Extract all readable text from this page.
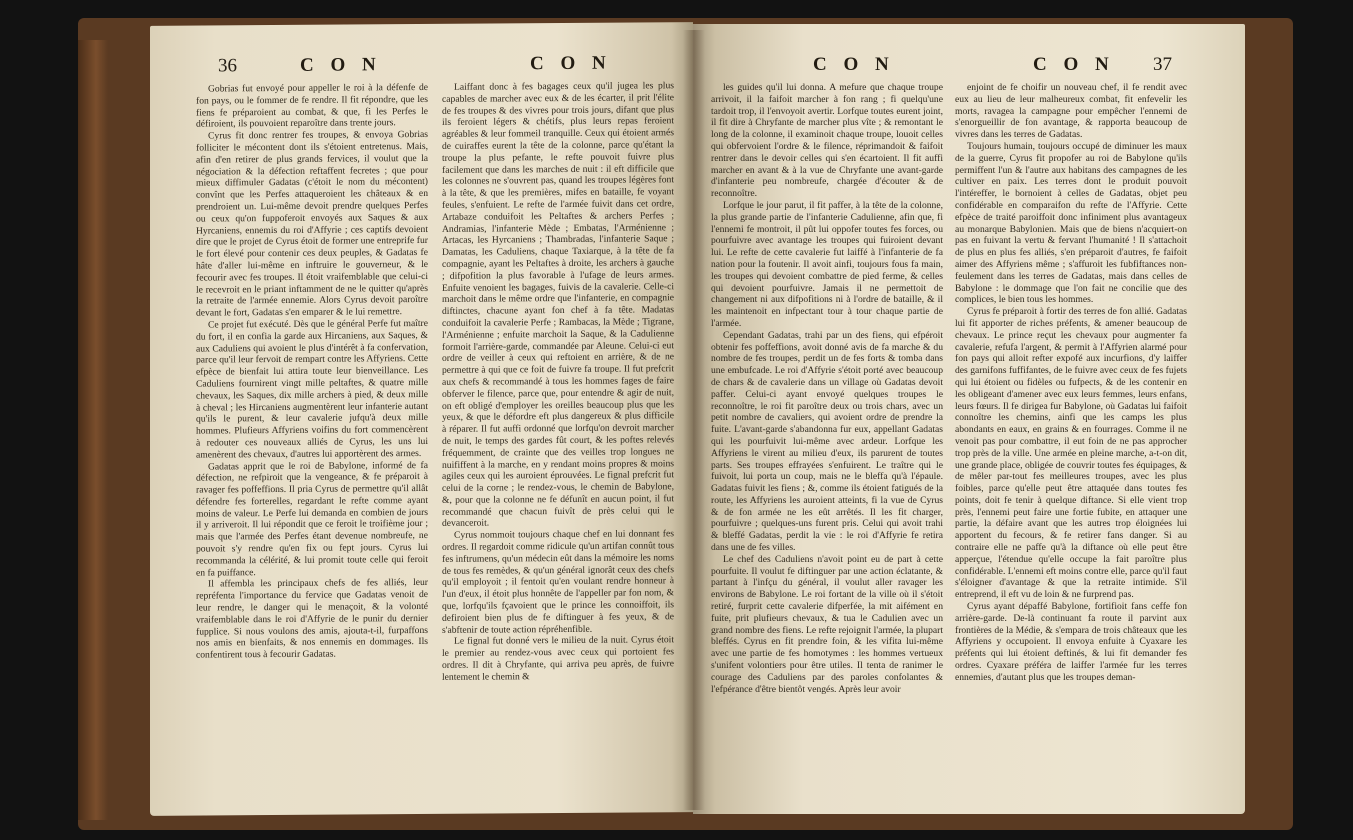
36	C O N	C O N

Gobrias fut envoyé pour appeller le roi à la défenfe de fon pays, ou le fommer de fe rendre. Il fit répondre, que les fiens fe préparoient au combat, & que, fi les Perfes le défiroient, ils pouvoient reparoître dans trente jours.

Cyrus fit donc rentrer fes troupes, & envoya Gobrias folliciter le mécontent dont ils s'étoient entretenus. Mais, afin d'en retirer de plus grands fervices, il voulut que la négociation & la défection reftaffent fecretes ; que pour mieux diffimuler Gadatas (c'étoit le nom du mécontent) convînt que les Perfes attaqueroient les châteaux & en prendroient un. Lui-même devoit prendre quelques Perfes ou ceux qu'on fuppoferoit envoyés aux Saques & aux Hyrcaniens, ennemis du roi d'Affyrie ; ces captifs devoient dire que le projet de Cyrus étoit de former une entreprife fur le fort élevé pour contenir ces deux peuples, & Gadatas fe hâte d'aller lui-même en inftruire le gouverneur, & le fecourir avec fes troupes. Il étoit vraifemblable que celui-ci le recevroit en le priant inftamment de ne le quitter qu'après la retraite de l'armée ennemie. Alors Cyrus devoit paroître devant le fort, Gadatas s'en emparer & le lui remettre.

Ce projet fut exécuté. Dès que le général Perfe fut maître du fort, il en confia la garde aux Hircaniens, aux Saques, & aux Caduliens qui avoient le plus d'intérêt à fa confervation, parce qu'il leur fervoit de rempart contre les Affyriens. Cette efpèce de bienfait lui attira toute leur bienveillance. Les Caduliens fournirent vingt mille peltaftes, & quatre mille chevaux, les Saques, dix mille archers à pied, & deux mille à cheval ; les Hircaniens augmentèrent leur infanterie autant qu'ils le purent, & leur cavalerie jufqu'à deux mille hommes. Plufieurs Affyriens voifins du fort commencèrent à redouter ces nouveaux alliés de Cyrus, les uns lui amenèrent des chevaux, d'autres lui apportèrent des armes.

Gadatas apprit que le roi de Babylone, informé de fa défection, ne refpiroit que la vengeance, & fe préparoit à ravager fes poffeffions. Il pria Cyrus de permettre qu'il allât défendre fes forterelles, regardant le refte comme ayant moins de valeur. Le Perfe lui demanda en combien de jours il y arriveroit. Il lui répondit que ce feroit le troifième jour ; mais que l'armée des Perfes étant devenue nombreufe, ne pouvoit s'y rendre qu'en fix ou fept jours. Cyrus lui recommanda la célérité, & lui promit toute celle qui feroit en fa puiffance.

Il affembla les principaux chefs de fes alliés, leur repréfenta l'importance du fervice que Gadatas venoit de leur rendre, le danger qui le menaçoit, & la volonté vraifemblable dans le roi d'Affyrie de le punir du dernier fupplice. Si nous voulons des amis, ajouta-t-il, furpaffons nos amis en bienfaits, & nos ennemis en dommages. Ils confentirent tous à fecourir Gadatas.

Laiffant donc à fes bagages ceux qu'il jugea les plus capables de marcher avec eux & de les écarter, il prit l'élite de fes troupes & des vivres pour trois jours, difant que plus ils feroient légers & chétifs, plus leurs repas feroient agréables & leur fommeil tranquille. Ceux qui étoient armés de cuiraffes eurent la tête de la colonne, parce qu'étant la troupe la plus pefante, le refte pouvoit fuivre plus facilement que dans les marches de nuit : il eft difficile que les colonnes ne s'ouvrent pas, quand les troupes légères font à la tête, & que les premières, mifes en bataille, fe voyant feules, s'enfuient. Le refte de l'armée fuivit dans cet ordre, Artabaze conduifoit les Peltaftes & archers Perfes ; Andramias, l'infanterie Mède ; Embatas, l'Arménienne ; Artacas, les Hyrcaniens ; Thambradas, l'infanterie Saque ; Damatas, les Caduliens, chaque Taxiarque, à la tête de fa compagnie, ayant les Peltaftes à droite, les archers à gauche ; difpofition la plus favorable à l'ufage de leurs armes. Enfuite venoient les bagages, fuivis de la cavalerie. Celle-ci marchoit dans le même ordre que l'infanterie, en compagnie diftinctes, chacune ayant fon chef à fa tête. Madatas conduifoit la cavalerie Perfe ; Rambacas, la Mède ; Tigrane, l'Arménienne ; enfuite marchoit la Saque, & la Cadulienne formoit l'arrière-garde, commandée par Aleune. Celui-ci eut ordre de veiller à ceux qui reftoient en arrière, & de ne permettre à qui que ce foit de fuivre fa troupe. Il fut prefcrit aux chefs & recommandé à tous les hommes fages de faire obferver le filence, parce que, pour entendre & agir de nuit, on eft obligé d'employer les oreilles beaucoup plus que les yeux, & que le défordre eft plus dangereux & plus difficile à réparer. Il fut auffi ordonné que lorfqu'on devroit marcher de nuit, le temps des gardes fût court, & les poftes relevés fréquemment, de crainte que des veilles trop longues ne nuififfent à la marche, en y rendant moins propres & moins agiles ceux qui les auroient éprouvées. Le fignal prefcrit fut celui de la corne ; le rendez-vous, le chemin de Babylone, &, pour que la colonne ne fe défunît en aucun point, il fut recommandé que chacun fuivît de près celui qui le devanceroit.

Cyrus nommoit toujours chaque chef en lui donnant fes ordres. Il regardoit comme ridicule qu'un artifan connût tous fes inftrumens, qu'un médecin eût dans la mémoire les noms de tous fes remèdes, & qu'un général ignorât ceux des chefs qu'il employoit ; il fentoit qu'en voulant rendre honneur à l'un d'eux, il étoit plus honnête de l'appeller par fon nom, & que, lorfqu'ils fçavoient que le prince les connoiffoit, ils defiroient bien plus de fe diftinguer à fes yeux, & de s'abftenir de toute action répréhenfible.

Le fignal fut donné vers le milieu de la nuit. Cyrus étoit le premier au rendez-vous avec ceux qui portoient fes ordres. Il dit à Chryfante, qui arriva peu après, de fuivre lentement le chemin &

C O N	C O N 37

les guides qu'il lui donna. A mefure que chaque troupe arrivoit, il la faifoit marcher à fon rang ; fi quelqu'une tardoit trop, il l'envoyoit avertir. Lorfque toutes eurent joint, il fit dire à Chryfante de marcher plus vîte ; & remontant le long de la colonne, il examinoit chaque troupe, louoit celles qui obfervoient l'ordre & le filence, réprimandoit & faifoit rentrer dans le devoir celles qui s'en écartoient. Il fit auffi marcher en avant & à la vue de Chryfante une avant-garde d'infanterie peu nombreufe, chargée d'écouter & de reconnoître.

Lorfque le jour parut, il fit paffer, à la tête de la colonne, la plus grande partie de l'infanterie Cadulienne, afin que, fi l'ennemi fe montroit, il pût lui oppofer toutes fes forces, ou pourfuivre avec avantage les troupes qui fuiroient devant lui. Le refte de cette cavalerie fut laiffé à l'infanterie de fa nation pour la foutenir. Il avoit ainfi, toujours fous fa main, les troupes qui devoient combattre de pied ferme, & celles qui devoient pourfuivre. Jamais il ne permettoit de changement ni aux difpofitions ni à l'ordre de bataille, & il les maintenoit en infpectant tour à tour chaque partie de l'armée.

Cependant Gadatas, trahi par un des fiens, qui efpéroit obtenir fes poffeffions, avoit donné avis de fa marche & du nombre de fes troupes, perdit un de fes forts & tomba dans une embufcade. Le roi d'Affyrie s'étoit porté avec beaucoup de chars & de cavalerie dans un village où Gadatas devoit paffer. Celui-ci ayant envoyé quelques troupes le reconnoître, le roi fit paroître deux ou trois chars, avec un petit nombre de cavaliers, qui avoient ordre de prendre la fuite. L'avant-garde s'abandonna fur eux, appellant Gadatas qui les pourfuivit lui-même avec ardeur. Lorfque les Affyriens le virent au milieu d'eux, ils parurent de toutes parts. Ses troupes effrayées s'enfuirent. Le traître qui le fuivoit, lui porta un coup, mais ne le bleffa qu'à l'épaule. Gadatas fuivit les fiens ; &, comme ils étoient fatigués de la route, les Affyriens les auroient atteints, fi la vue de Cyrus & de fon armée ne les eût arrêtés. Il les fit charger, pourfuivre ; quelques-uns furent pris. Celui qui avoit trahi & bleffé Gadatas, perdit la vie : le roi d'Affyrie fe retira dans une de fes villes.

Le chef des Caduliens n'avoit point eu de part à cette pourfuite. Il voulut fe diftinguer par une action éclatante, & partant à l'infçu du général, il voulut aller ravager les environs de Babylone. Le roi fortant de la ville où il s'étoit retiré, furprit cette cavalerie difperfée, la mit aifément en fuite, prit plufieurs chevaux, & tua le Cadulien avec un grand nombre des fiens. Le refte rejoignit l'armée, la plupart bleffés. Cyrus en fit prendre foin, & les vifita lui-même avec une partie de fes homotymes : les hommes vertueux s'unifent volontiers pour être utiles. Il tenta de ranimer le courage des Caduliens par des paroles confolantes & l'efpérance d'être bientôt vengés. Après leur avoir

enjoint de fe choifir un nouveau chef, il fe rendit avec eux au lieu de leur malheureux combat, fit enfevelir les morts, ravagea la campagne pour empêcher l'ennemi de s'enorgueillir de fon avantage, & rapporta beaucoup de vivres dans les terres de Gadatas.

Toujours humain, toujours occupé de diminuer les maux de la guerre, Cyrus fit propofer au roi de Babylone qu'ils permiffent l'un & l'autre aux habitans des campagnes de les cultiver en paix. Les terres dont le produit pouvoit l'intéreffer, le bornoient à celles de Gadatas, objet peu confidérable en comparaifon du refte de l'Affyrie. Cette efpèce de traité paroiffoit donc infiniment plus avantageux au monarque Babylonien. Mais que de biens n'acquiert-on pas en fuivant la vertu & fervant l'humanité ! Il s'attachoit de plus en plus fes alliés, s'en préparoit d'autres, fe faifoit aimer des Affyriens même ; s'affuroit les fubfiftances non-feulement dans les terres de Gadatas, mais dans celles de Babylone : le dommage que l'on fait ne concilie que des complices, le bien tous les hommes.

Cyrus fe préparoit à fortir des terres de fon allié. Gadatas lui fit apporter de riches préfents, & amener beaucoup de chevaux. Le prince reçut les chevaux pour augmenter fa cavalerie, refufa l'argent, & permit à l'Affyrien alarmé pour fon pays qui alloit refter expofé aux incurfions, d'y laiffer des garnifons fuffifantes, de le fuivre avec ceux de fes fujets qui lui étoient ou fidèles ou fufpects, & de les contenir en les obligeant d'amener avec eux leurs femmes, leurs enfans, leurs fœurs. Il fe dirigea fur Babylone, où Gadatas lui faifoit connoître les chemins, ainfi que les camps les plus abondants en eaux, en grains & en fourrages. Comme il ne venoit pas pour combattre, il eut foin de ne pas approcher trop près de la ville. Une armée en pleine marche, a-t-on dit, une grande place, obligée de couvrir toutes fes équipages, & de mêler par-tout fes meilleures troupes, avec les plus foibles, parce qu'elle peut être attaquée dans toutes fes points, doit fe tenir à quelque diftance. Si elle vient trop près, l'ennemi peut faire une fortie fubite, en attaquer une partie, la défaire avant que les autres trop éloignées lui apportent du fecours, & fe retirer fans danger. Si au contraire elle ne paffe qu'à la diftance où elle peut être apperçue, l'étendue qu'elle occupe la fait paroître plus confidérable. L'ennemi eft moins contre elle, parce qu'il faut s'éloigner d'avantage & que la retraite intimide. S'il entreprend, il eft vu de loin & ne furprend pas.

Cyrus ayant dépaffé Babylone, fortifioit fans ceffe fon arrière-garde. De-là continuant fa route il parvint aux frontières de la Médie, & s'empara de trois châteaux que les Affyriens y occupoient. Il envoya enfuite à Cyaxare les préfents qui lui étoient deftinés, & lui fit demander fes ordres. Cyaxare préféra de laiffer l'armée fur les terres ennemies, d'autant plus que les troupes deman-
